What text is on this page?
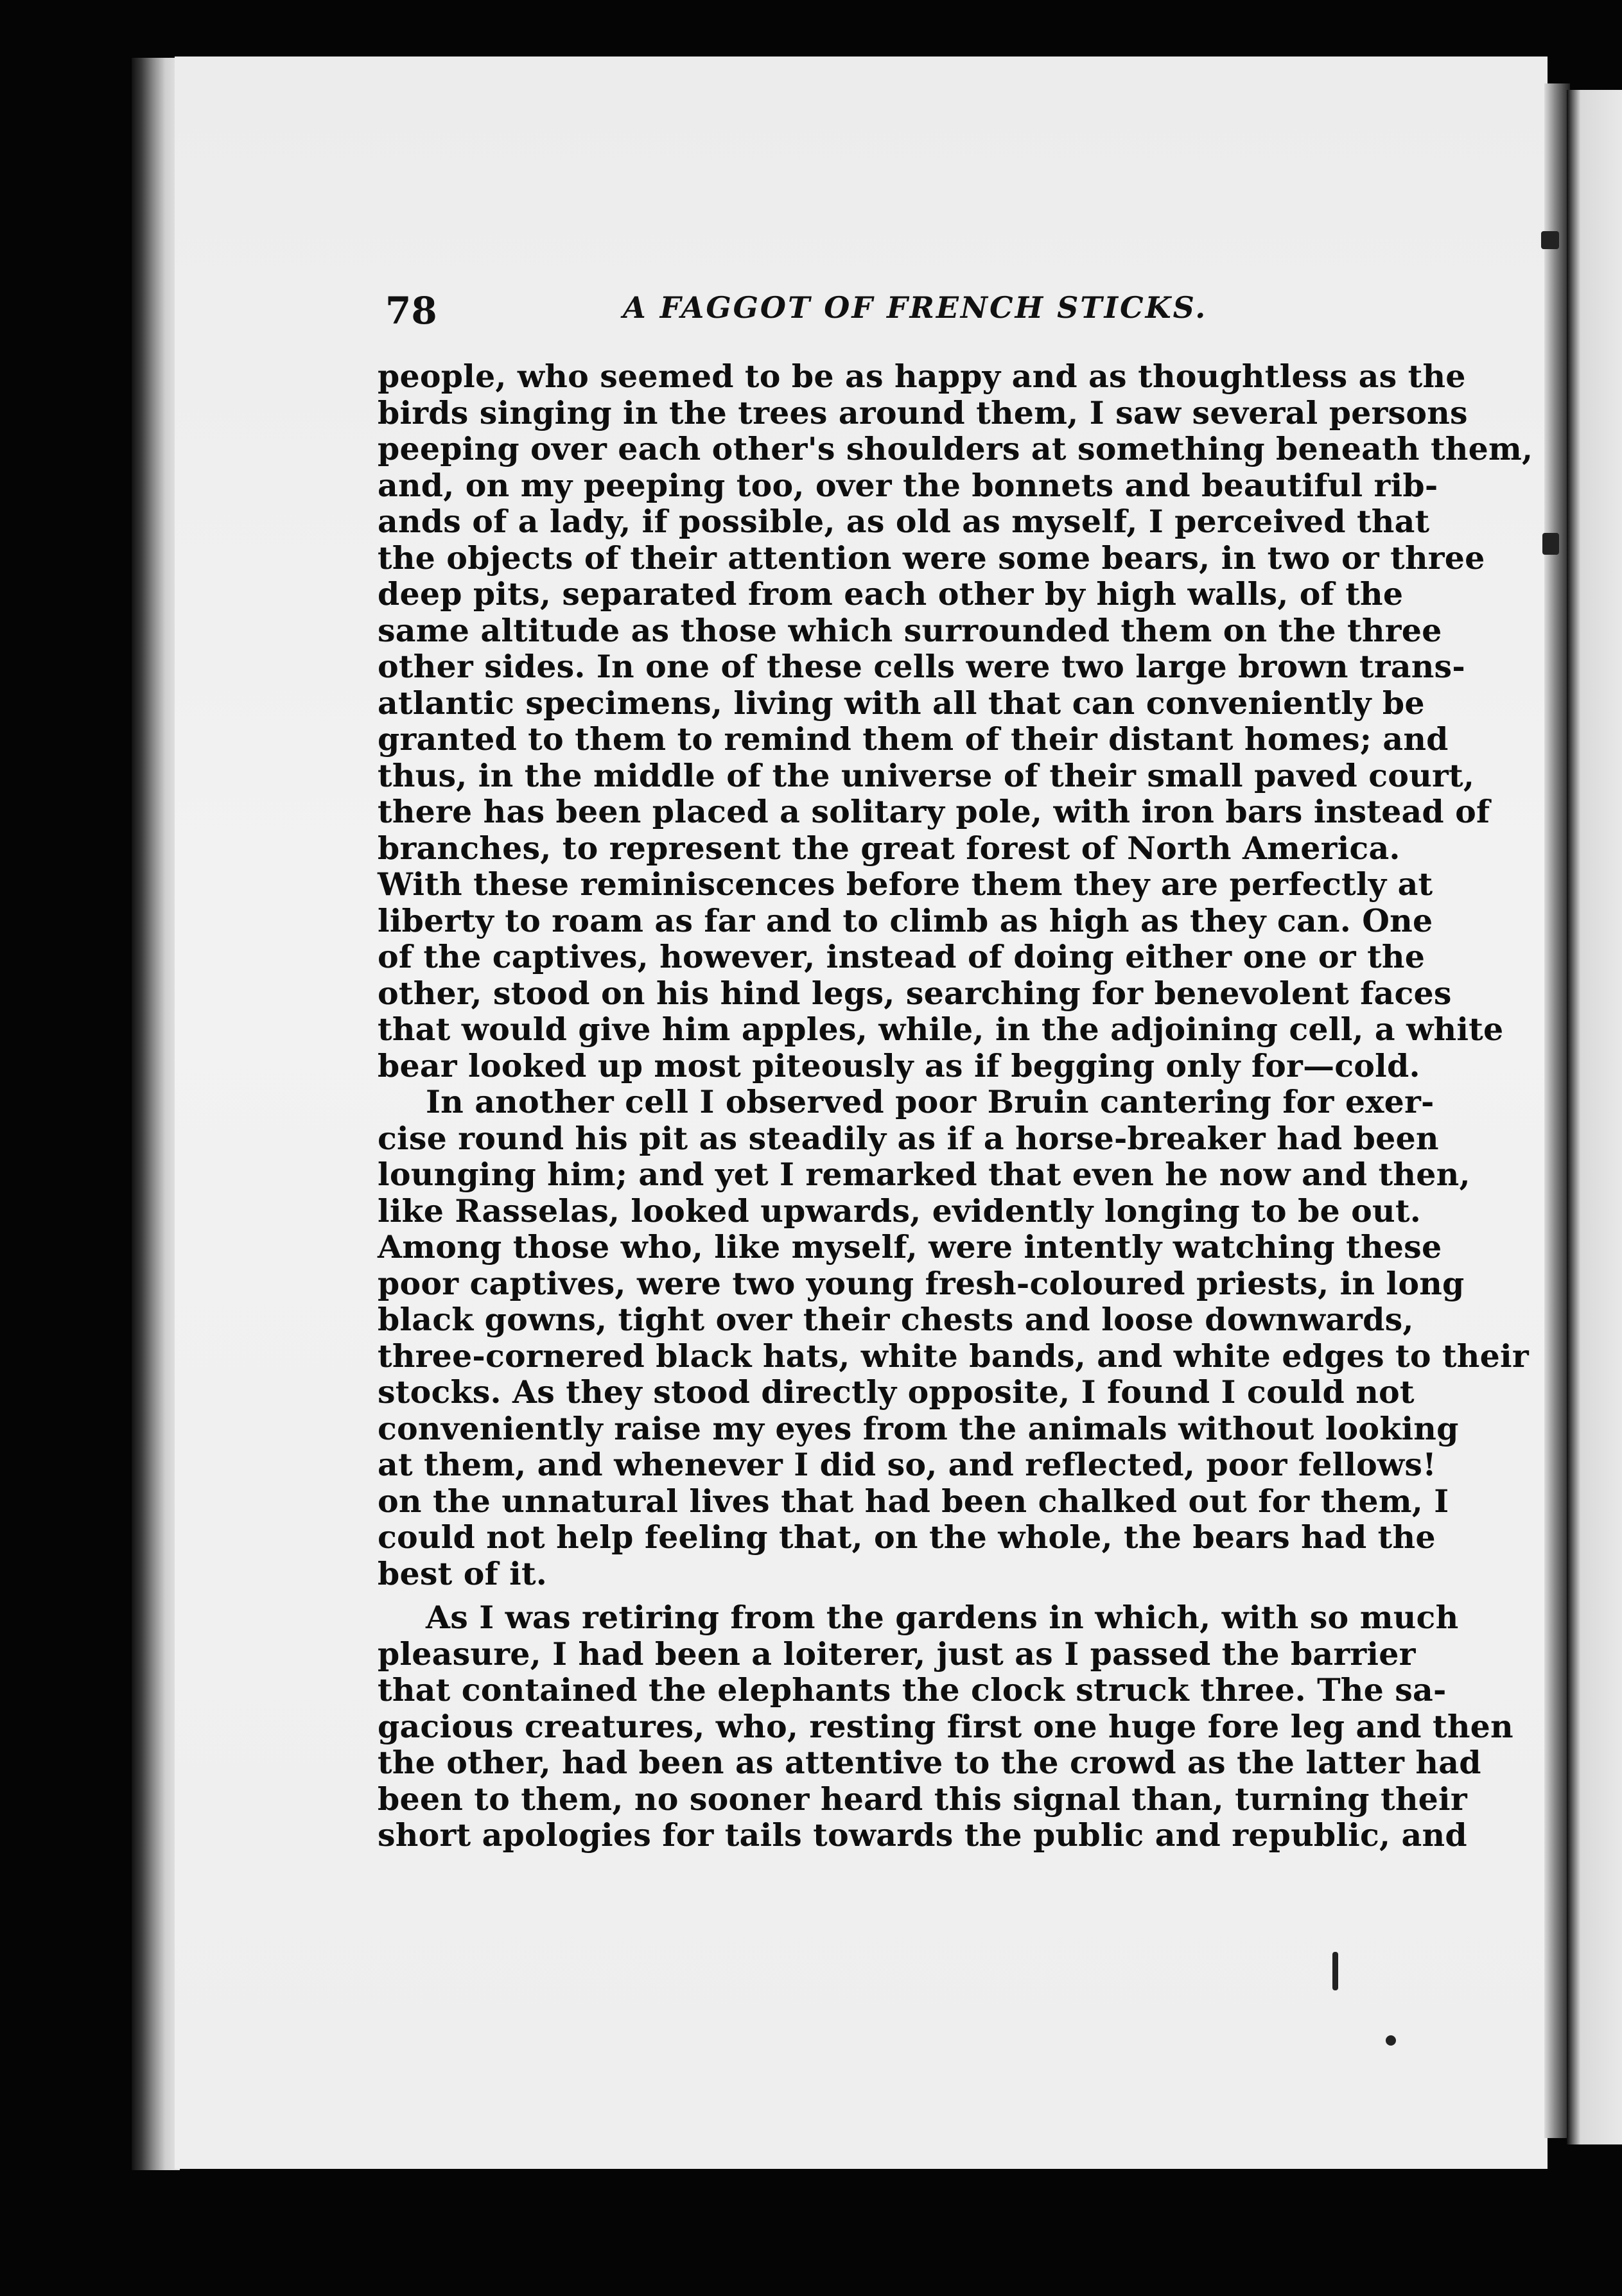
78	A FAGGOT OF FRENCH STICKS.
people, who seemed to be as happy and as thoughtless as the
birds singing in the trees around them, I saw several persons
peeping over each other's shoulders at something beneath them,
and, on my peeping too, over the bonnets and beautiful rib-
ands of a lady, if possible, as old as myself, I perceived that
the objects of their attention were some bears, in two or three
deep pits, separated from each other by high walls, of the
same altitude as those which surrounded them on the three
other sides. In one of these cells were two large brown trans-
atlantic specimens, living with all that can conveniently be
granted to them to remind them of their distant homes; and
thus, in the middle of the universe of their small paved court,
there has been placed a solitary pole, with iron bars instead of
branches, to represent the great forest of North America.
With these reminiscences before them they are perfectly at
liberty to roam as far and to climb as high as they can. One
of the captives, however, instead of doing either one or the
other, stood on his hind legs, searching for benevolent faces
that would give him apples, while, in the adjoining cell, a white
bear looked up most piteously as if begging only for—cold.
In another cell I observed poor Bruin cantering for exer-
cise round his pit as steadily as if a horse-breaker had been
lounging him; and yet I remarked that even he now and then,
like Rasselas, looked upwards, evidently longing to be out.
Among those who, like myself, were intently watching these
poor captives, were two young fresh-coloured priests, in long
black gowns, tight over their chests and loose downwards,
three-cornered black hats, white bands, and white edges to their
stocks. As they stood directly opposite, I found I could not
conveniently raise my eyes from the animals without looking
at them, and whenever I did so, and reflected, poor fellows!
on the unnatural lives that had been chalked out for them, I
could not help feeling that, on the whole, the bears had the
best of it.
As I was retiring from the gardens in which, with so much
pleasure, I had been a loiterer, just as I passed the barrier
that contained the elephants the clock struck three. The sa-
gacious creatures, who, resting first one huge fore leg and then
the other, had been as attentive to the crowd as the latter had
been to them, no sooner heard this signal than, turning their
short apologies for tails towards the public and republic, and
